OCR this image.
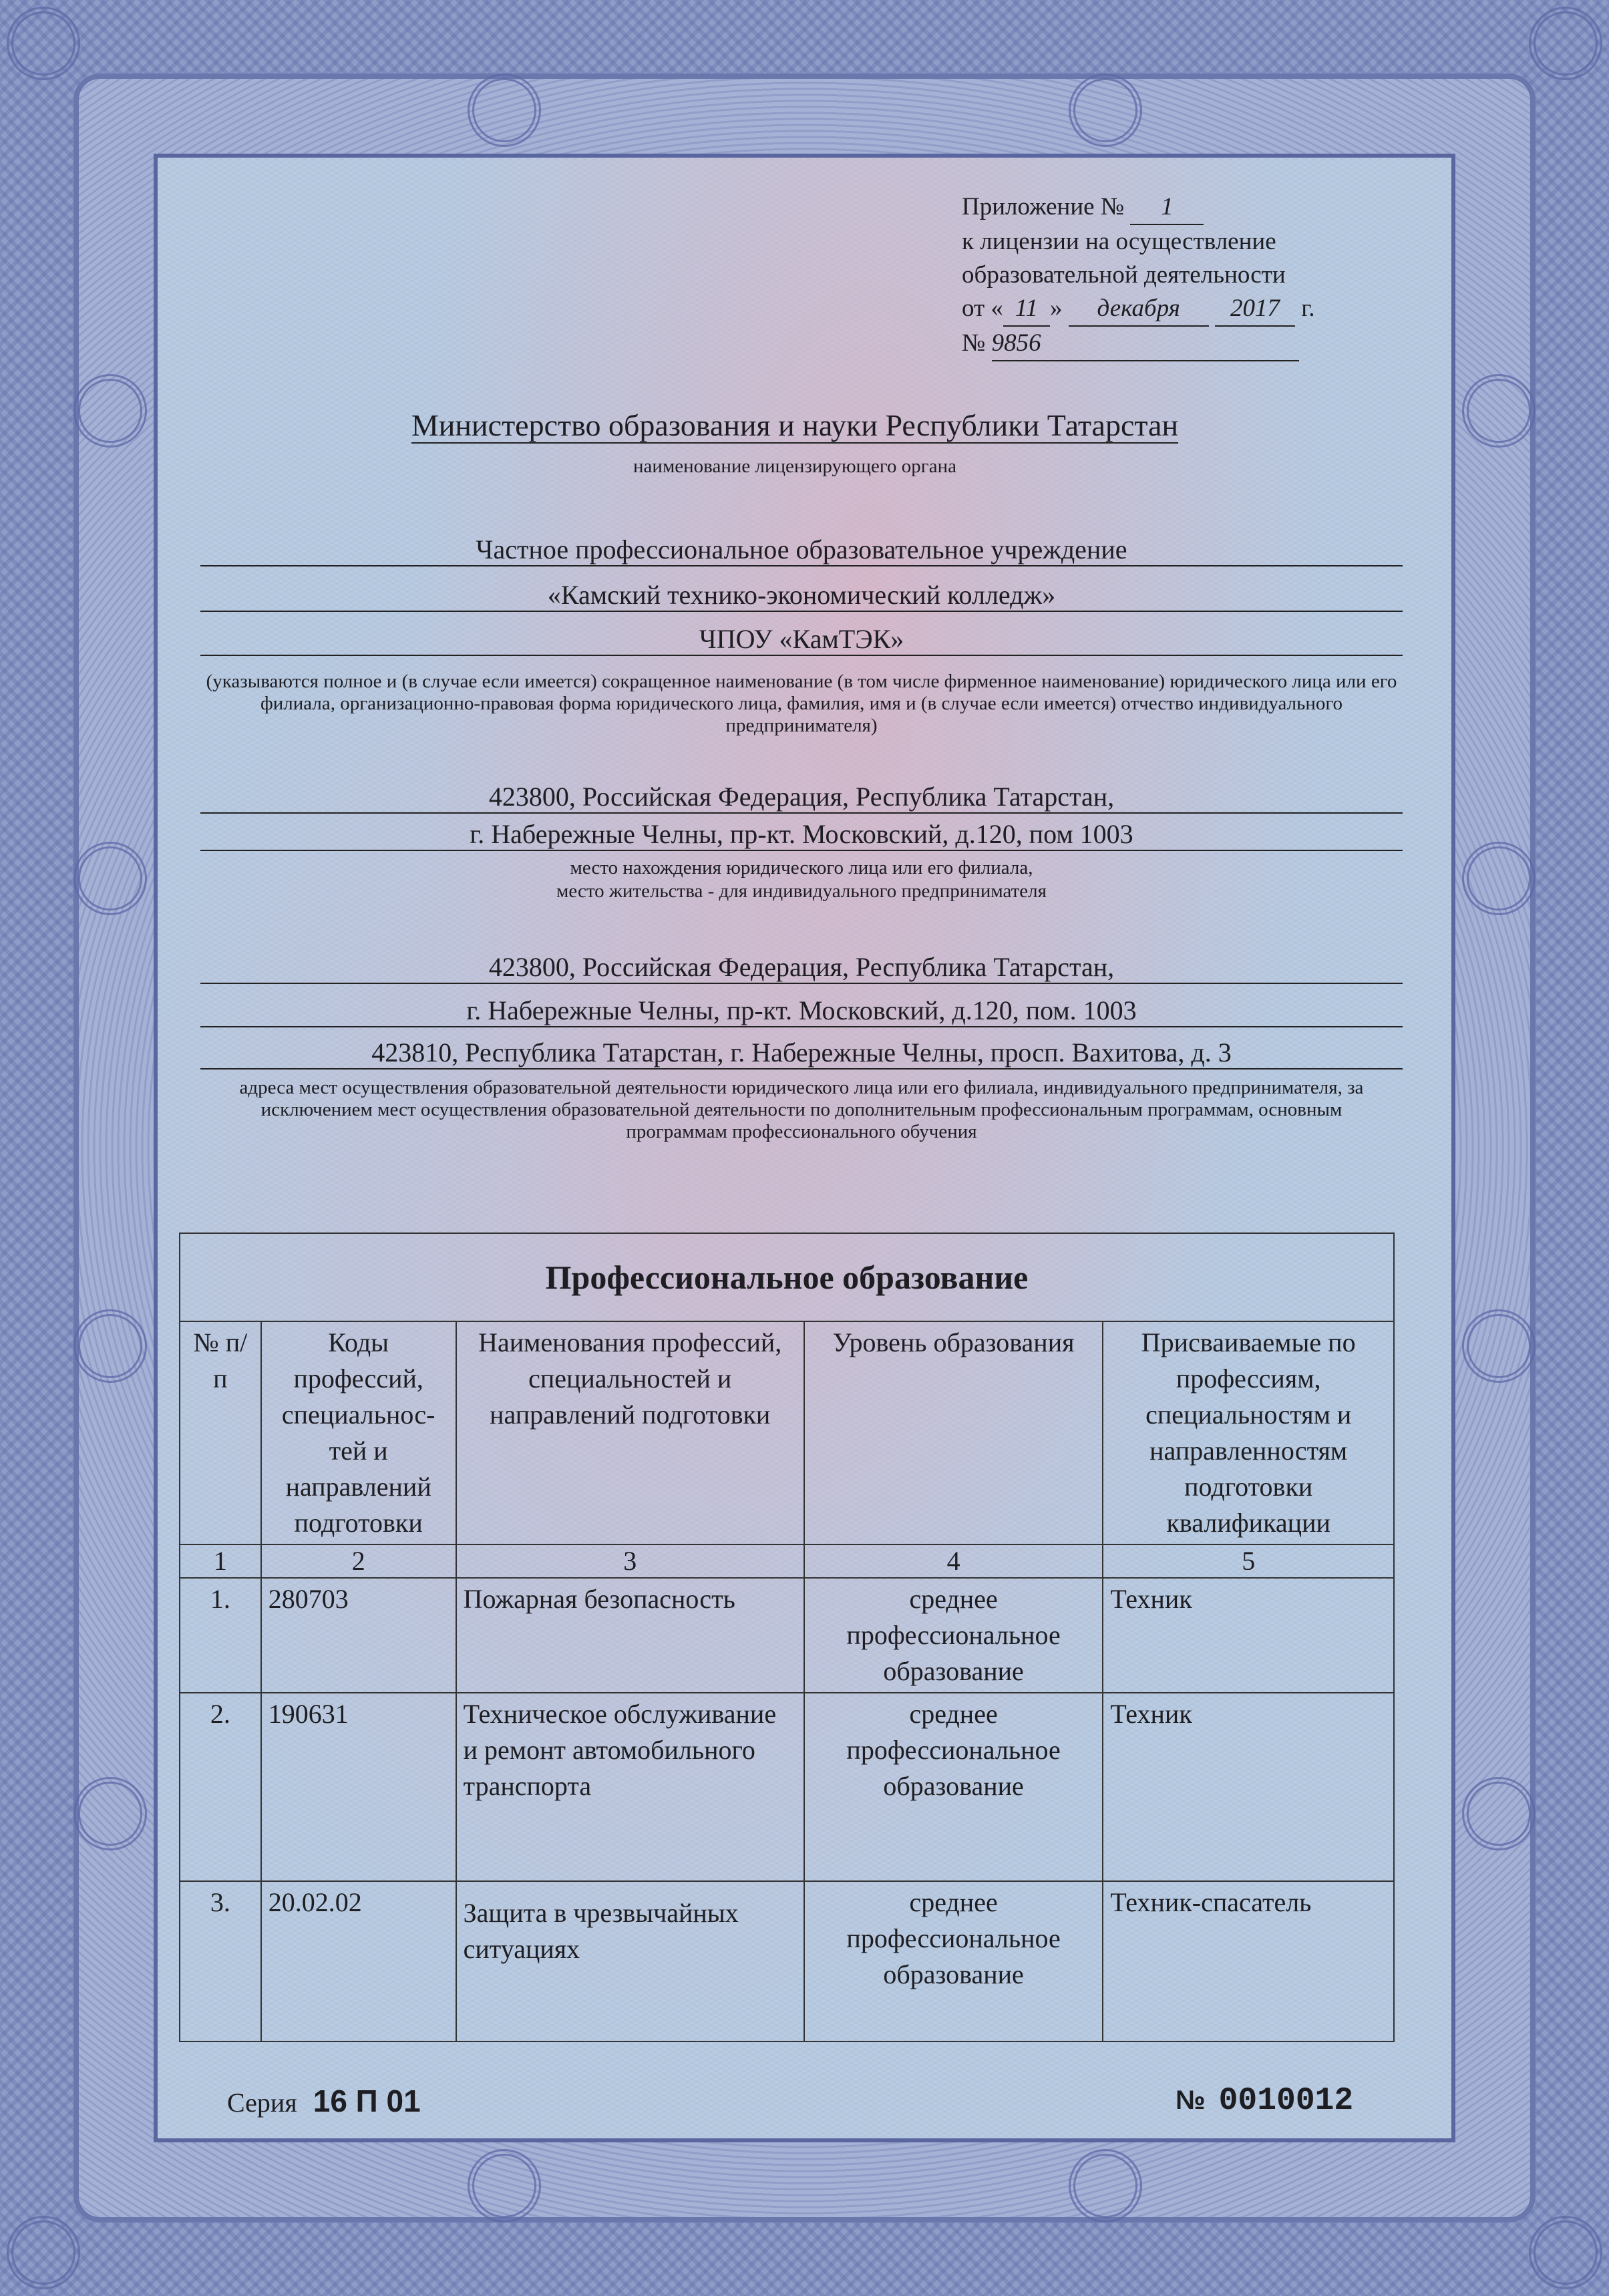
Приложение № 1
к лицензии на осуществление
образовательной деятельности
от « 11 » декабря 2017 г.
№ 9856
Министерство образования и науки Республики Татарстан
наименование лицензирующего органа
Частное профессиональное образовательное учреждение
«Камский технико-экономический колледж»
ЧПОУ «КамТЭК»
(указываются полное и (в случае если имеется) сокращенное наименование (в том числе фирменное наименование) юридического лица или его филиала, организационно-правовая форма юридического лица, фамилия, имя и (в случае если имеется) отчество индивидуального предпринимателя)
423800, Российская Федерация, Республика Татарстан,
г. Набережные Челны, пр-кт. Московский, д.120, пом 1003
место нахождения юридического лица или его филиала,
место жительства - для индивидуального предпринимателя
423800, Российская Федерация, Республика Татарстан,
г. Набережные Челны, пр-кт. Московский, д.120, пом. 1003
423810, Республика Татарстан, г. Набережные Челны, просп. Вахитова, д. 3
адреса мест осуществления образовательной деятельности юридического лица или его филиала, индивидуального предпринимателя, за исключением мест осуществления образовательной деятельности по дополнительным профессиональным программам, основным программам профессионального обучения
Профессиональное образование				
№ п/п	Коды профессий, специальнос-тей и направлений подготовки	Наименования профессий, специальностей и направлений подготовки	Уровень образования	Присваиваемые по профессиям, специальностям и направленностям подготовки квалификации
1	2	3	4	5
1.	280703	Пожарная безопасность	среднее профессиональное образование	Техник
2.	190631	Техническое обслуживание и ремонт автомобильного транспорта	среднее профессиональное образование	Техник
3.	20.02.02	Защита в чрезвычайных ситуациях	среднее профессиональное образование	Техник-спасатель
Серия 16 П 01	№ 0010012
